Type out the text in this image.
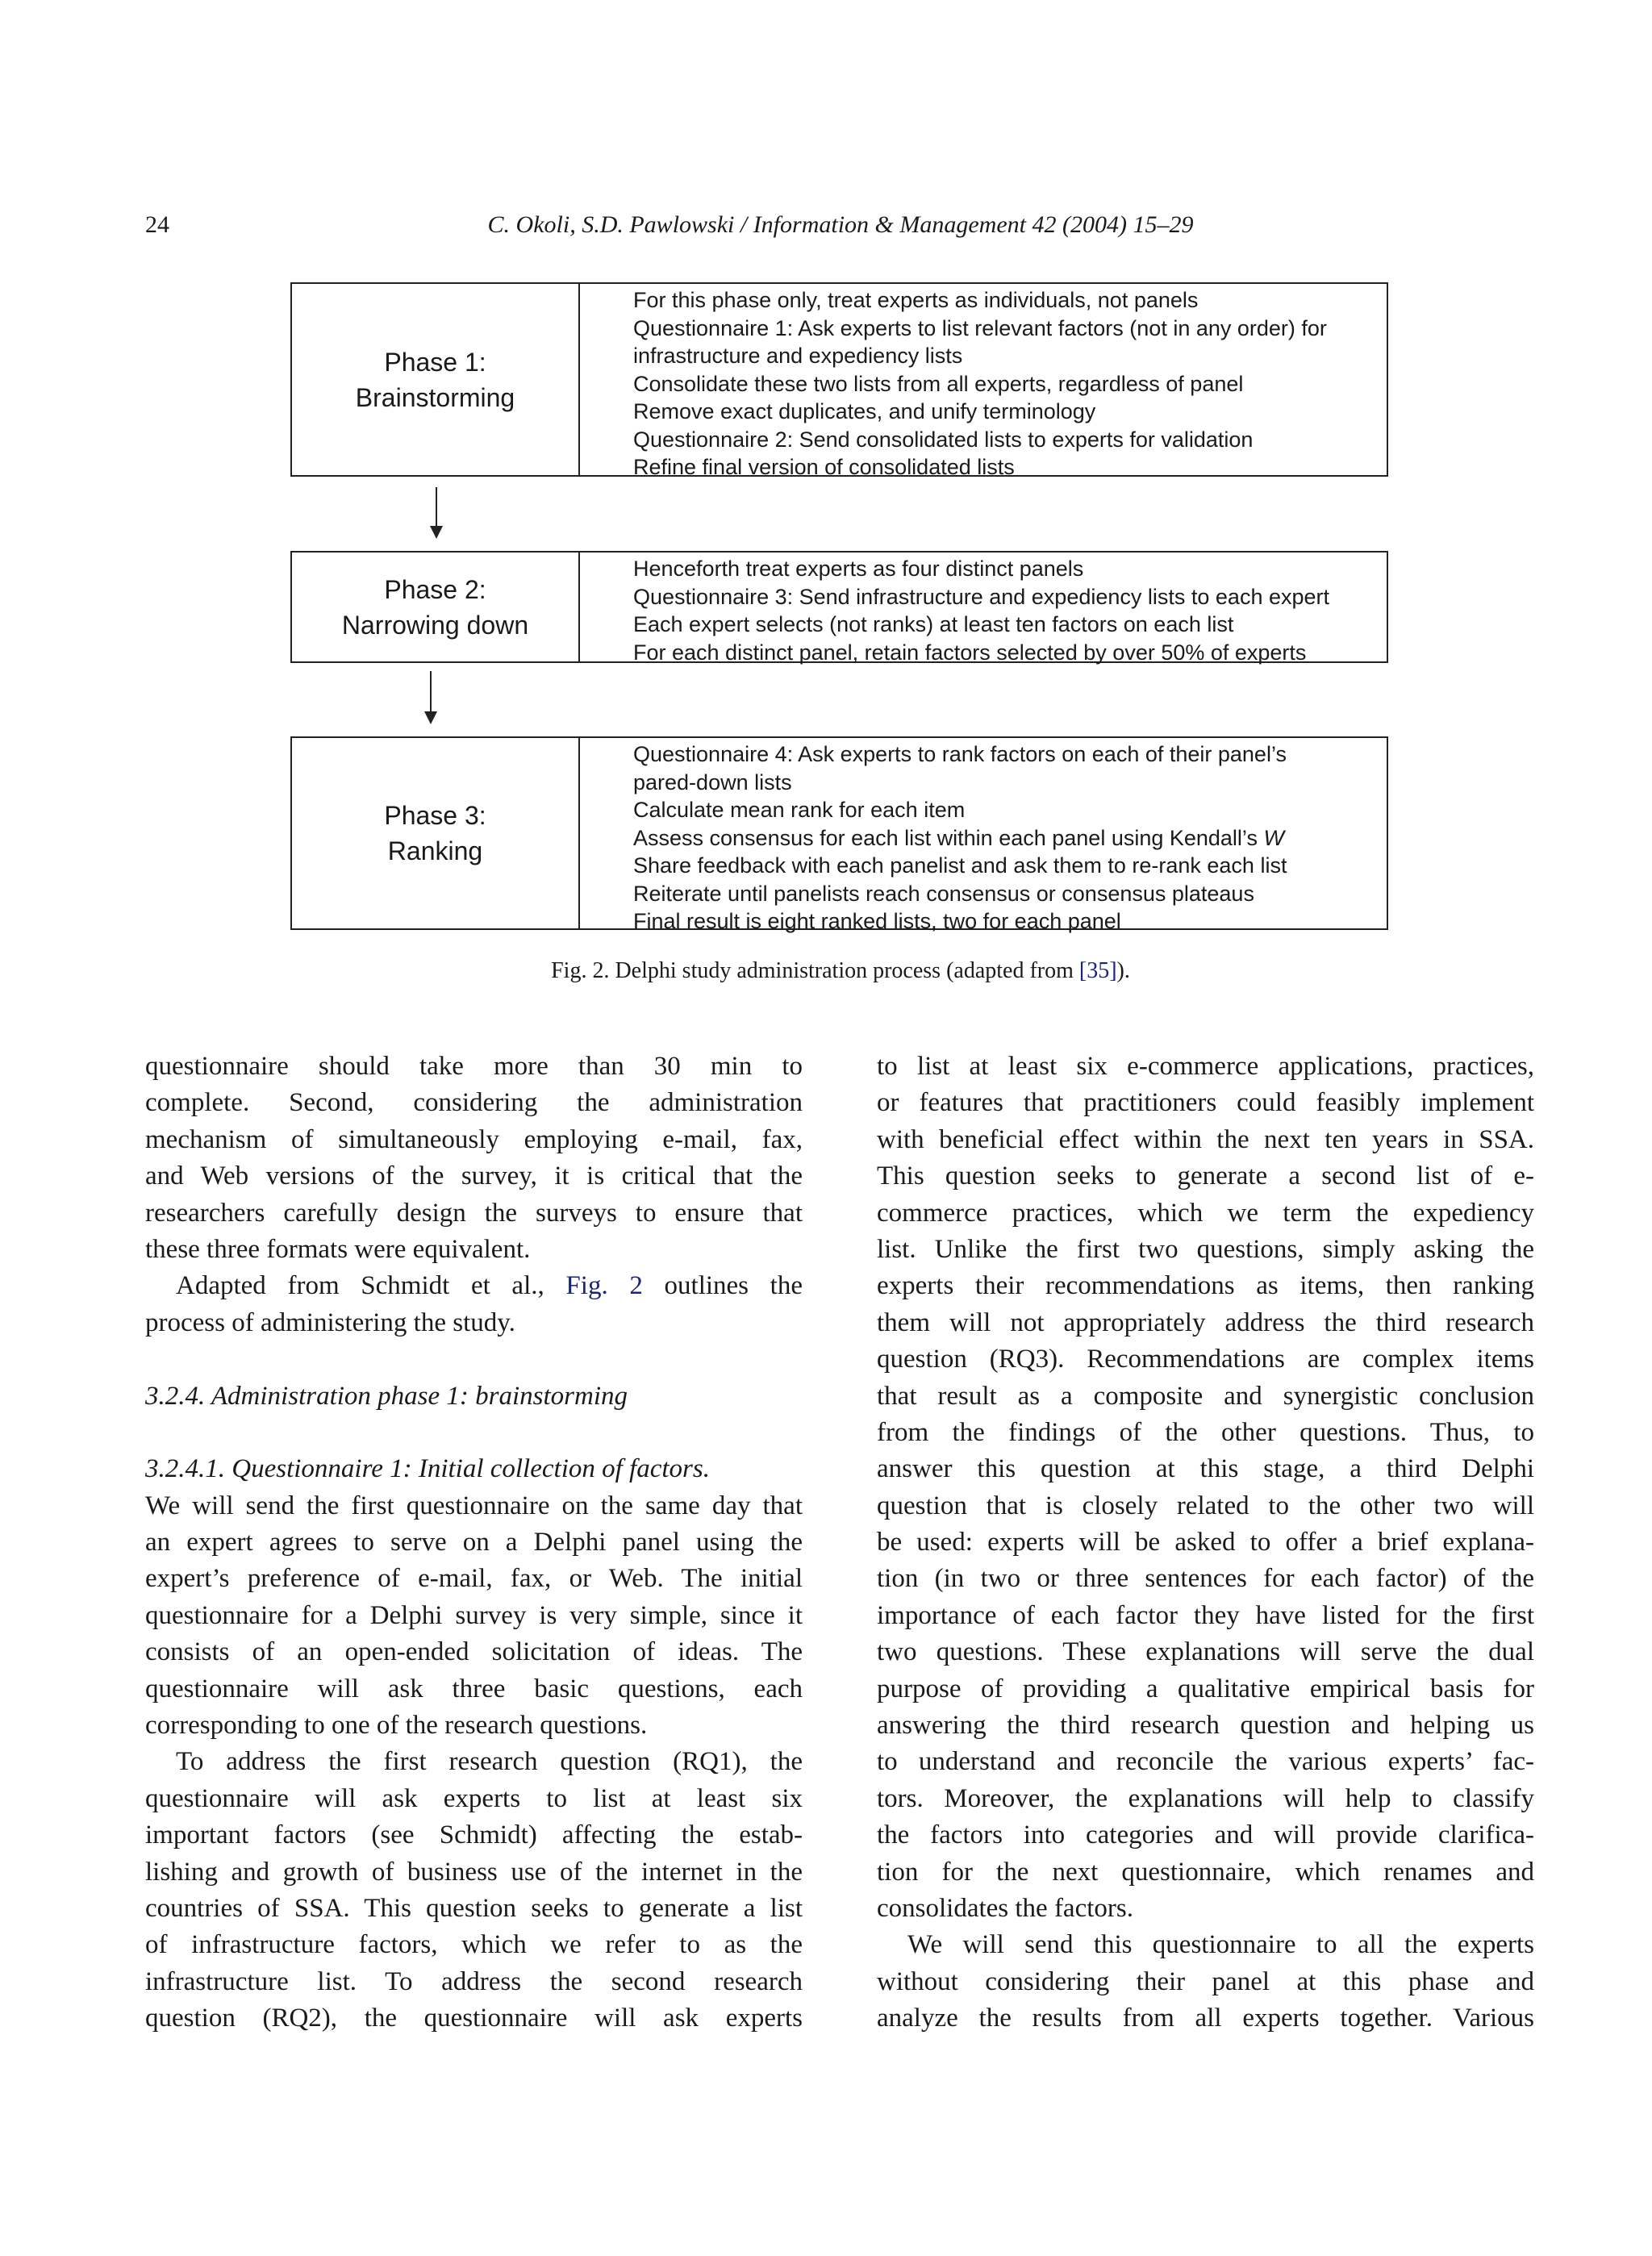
24	C. Okoli, S.D. Pawlowski / Information & Management 42 (2004) 15–29
Phase 1:
Brainstorming
For this phase only, treat experts as individuals, not panels
Questionnaire 1: Ask experts to list relevant factors (not in any order) for
infrastructure and expediency lists
Consolidate these two lists from all experts, regardless of panel
Remove exact duplicates, and unify terminology
Questionnaire 2: Send consolidated lists to experts for validation
Refine final version of consolidated lists
Phase 2:
Narrowing down
Henceforth treat experts as four distinct panels
Questionnaire 3: Send infrastructure and expediency lists to each expert
Each expert selects (not ranks) at least ten factors on each list
For each distinct panel, retain factors selected by over 50% of experts
Phase 3:
Ranking
Questionnaire 4: Ask experts to rank factors on each of their panel’s
pared-down lists
Calculate mean rank for each item
Assess consensus for each list within each panel using Kendall’s W
Share feedback with each panelist and ask them to re-rank each list
Reiterate until panelists reach consensus or consensus plateaus
Final result is eight ranked lists, two for each panel
Fig. 2. Delphi study administration process (adapted from [35]).
questionnaire should take more than 30 min to
complete. Second, considering the administration
mechanism of simultaneously employing e-mail, fax,
and Web versions of the survey, it is critical that the
researchers carefully design the surveys to ensure that
these three formats were equivalent.
Adapted from Schmidt et al., Fig. 2 outlines the
process of administering the study.
3.2.4. Administration phase 1: brainstorming
3.2.4.1. Questionnaire 1: Initial collection of factors.
We will send the first questionnaire on the same day that
an expert agrees to serve on a Delphi panel using the
expert’s preference of e-mail, fax, or Web. The initial
questionnaire for a Delphi survey is very simple, since it
consists of an open-ended solicitation of ideas. The
questionnaire will ask three basic questions, each
corresponding to one of the research questions.
To address the first research question (RQ1), the
questionnaire will ask experts to list at least six
important factors (see Schmidt) affecting the estab-
lishing and growth of business use of the internet in the
countries of SSA. This question seeks to generate a list
of infrastructure factors, which we refer to as the
infrastructure list. To address the second research
question (RQ2), the questionnaire will ask experts
to list at least six e-commerce applications, practices,
or features that practitioners could feasibly implement
with beneficial effect within the next ten years in SSA.
This question seeks to generate a second list of e-
commerce practices, which we term the expediency
list. Unlike the first two questions, simply asking the
experts their recommendations as items, then ranking
them will not appropriately address the third research
question (RQ3). Recommendations are complex items
that result as a composite and synergistic conclusion
from the findings of the other questions. Thus, to
answer this question at this stage, a third Delphi
question that is closely related to the other two will
be used: experts will be asked to offer a brief explana-
tion (in two or three sentences for each factor) of the
importance of each factor they have listed for the first
two questions. These explanations will serve the dual
purpose of providing a qualitative empirical basis for
answering the third research question and helping us
to understand and reconcile the various experts’ fac-
tors. Moreover, the explanations will help to classify
the factors into categories and will provide clarifica-
tion for the next questionnaire, which renames and
consolidates the factors.
We will send this questionnaire to all the experts
without considering their panel at this phase and
analyze the results from all experts together. Various
